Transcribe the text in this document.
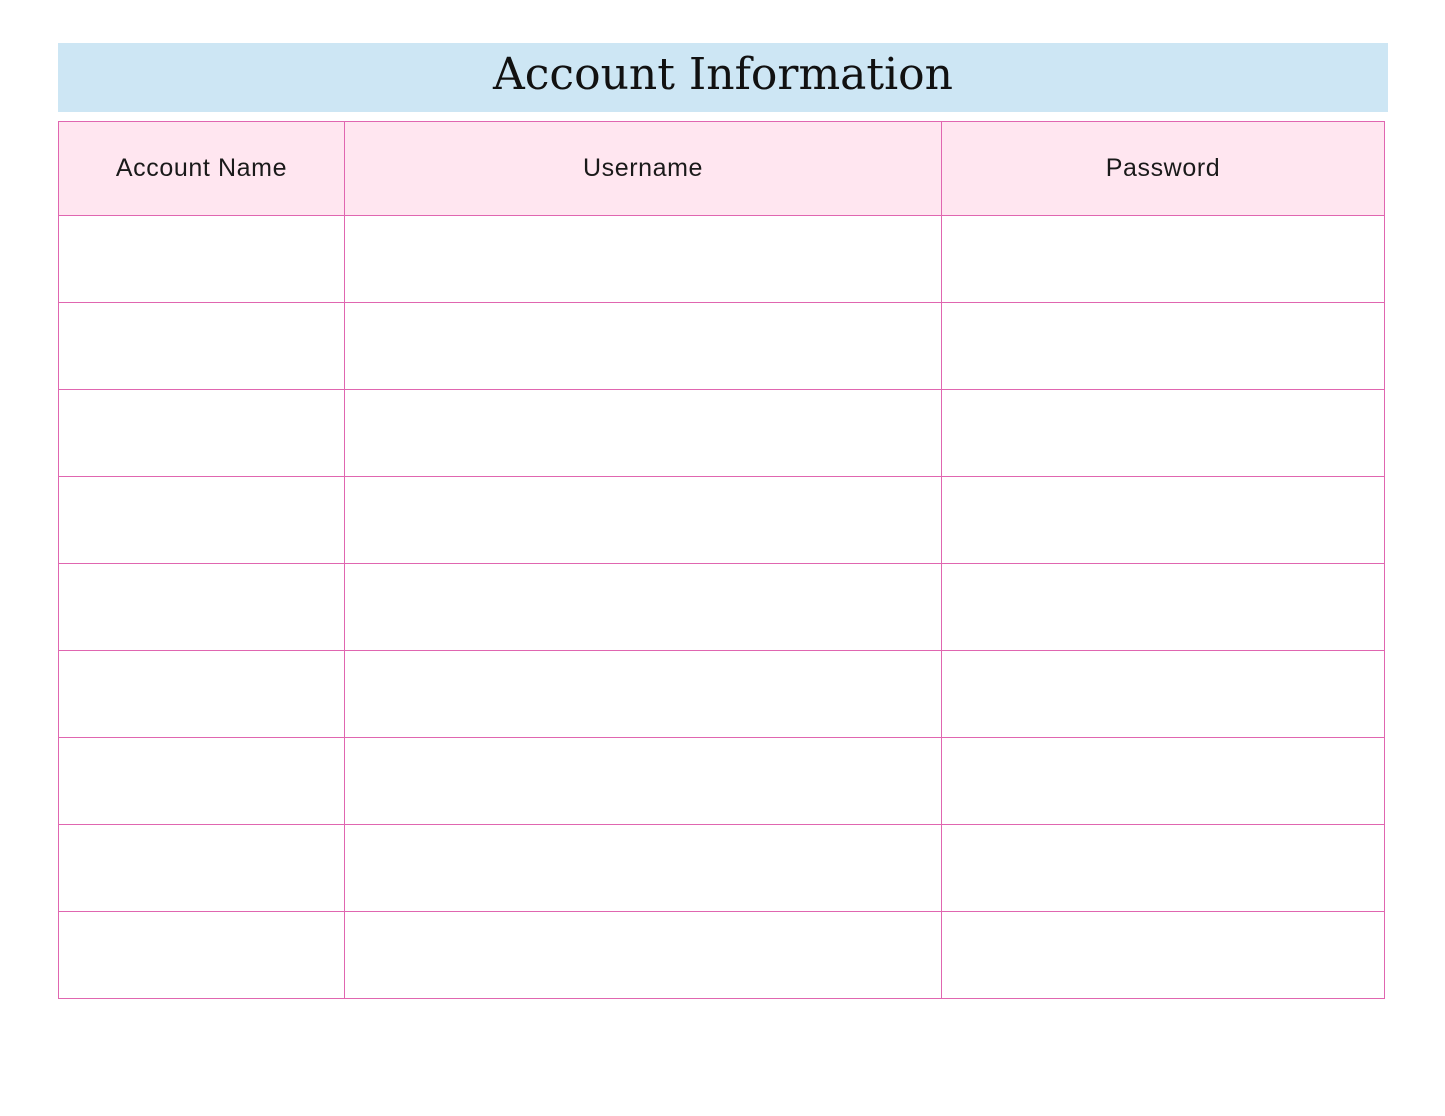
Account Information
Account Name	Username	Password
